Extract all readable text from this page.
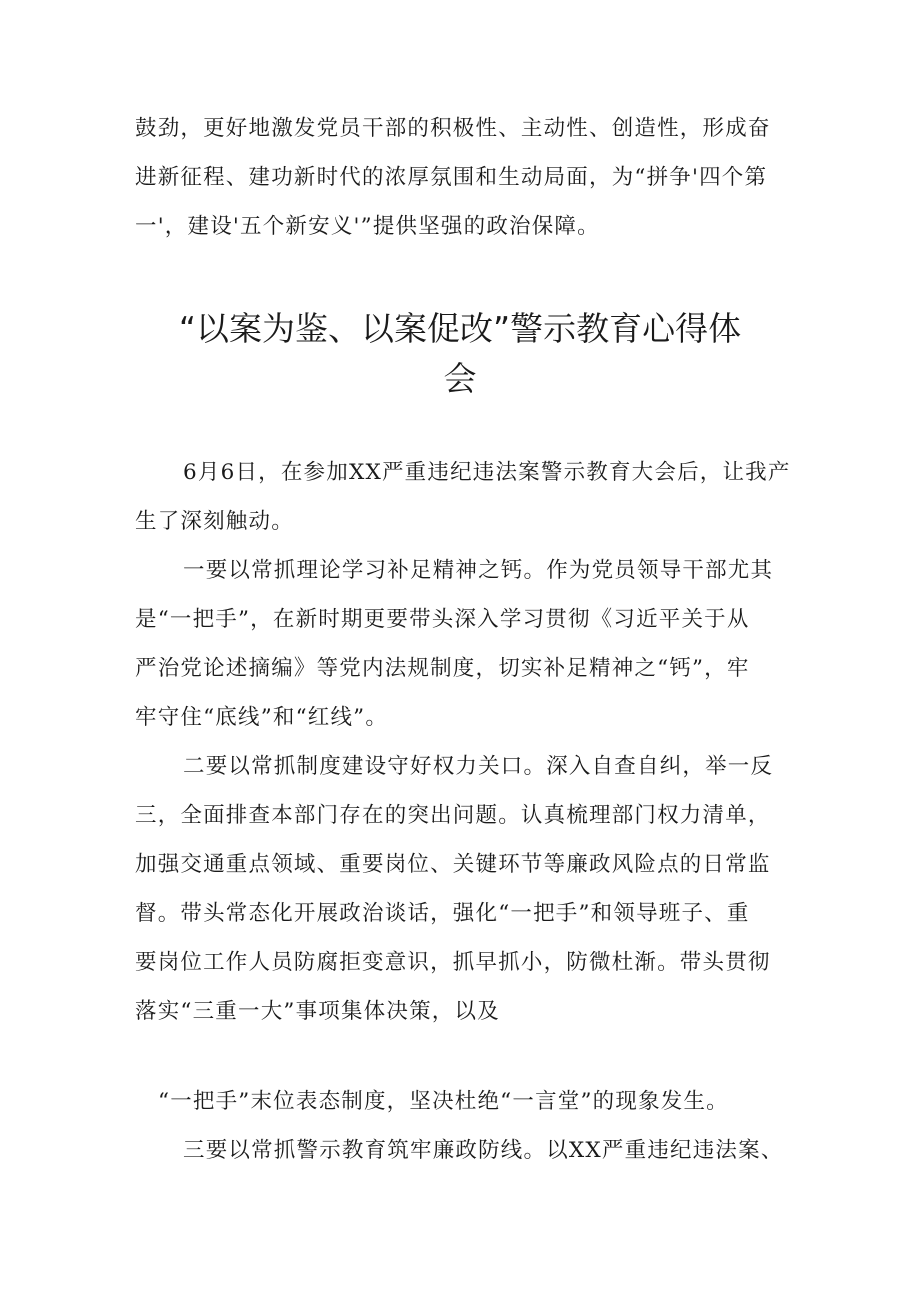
鼓劲，更好地激发党员干部的积极性、主动性、创造性，形成奋

进新征程、建功新时代的浓厚氛围和生动局面，为“拼争'四个第

一'，建设'五个新安义'”提供坚强的政治保障。

“以案为鉴、以案促改”警示教育心得体
会

6月6日，在参加XX严重违纪违法案警示教育大会后，让我产

生了深刻触动。

一要以常抓理论学习补足精神之钙。作为党员领导干部尤其

是“一把手”，在新时期更要带头深入学习贯彻《习近平关于从

严治党论述摘编》等党内法规制度，切实补足精神之“钙”，牢

牢守住“底线”和“红线”。

二要以常抓制度建设守好权力关口。深入自查自纠，举一反

三，全面排查本部门存在的突出问题。认真梳理部门权力清单，

加强交通重点领域、重要岗位、关键环节等廉政风险点的日常监

督。带头常态化开展政治谈话，强化“一把手”和领导班子、重

要岗位工作人员防腐拒变意识，抓早抓小，防微杜渐。带头贯彻

落实“三重一大”事项集体决策，以及

“一把手”末位表态制度，坚决杜绝“一言堂”的现象发生。

三要以常抓警示教育筑牢廉政防线。以XX严重违纪违法案、
